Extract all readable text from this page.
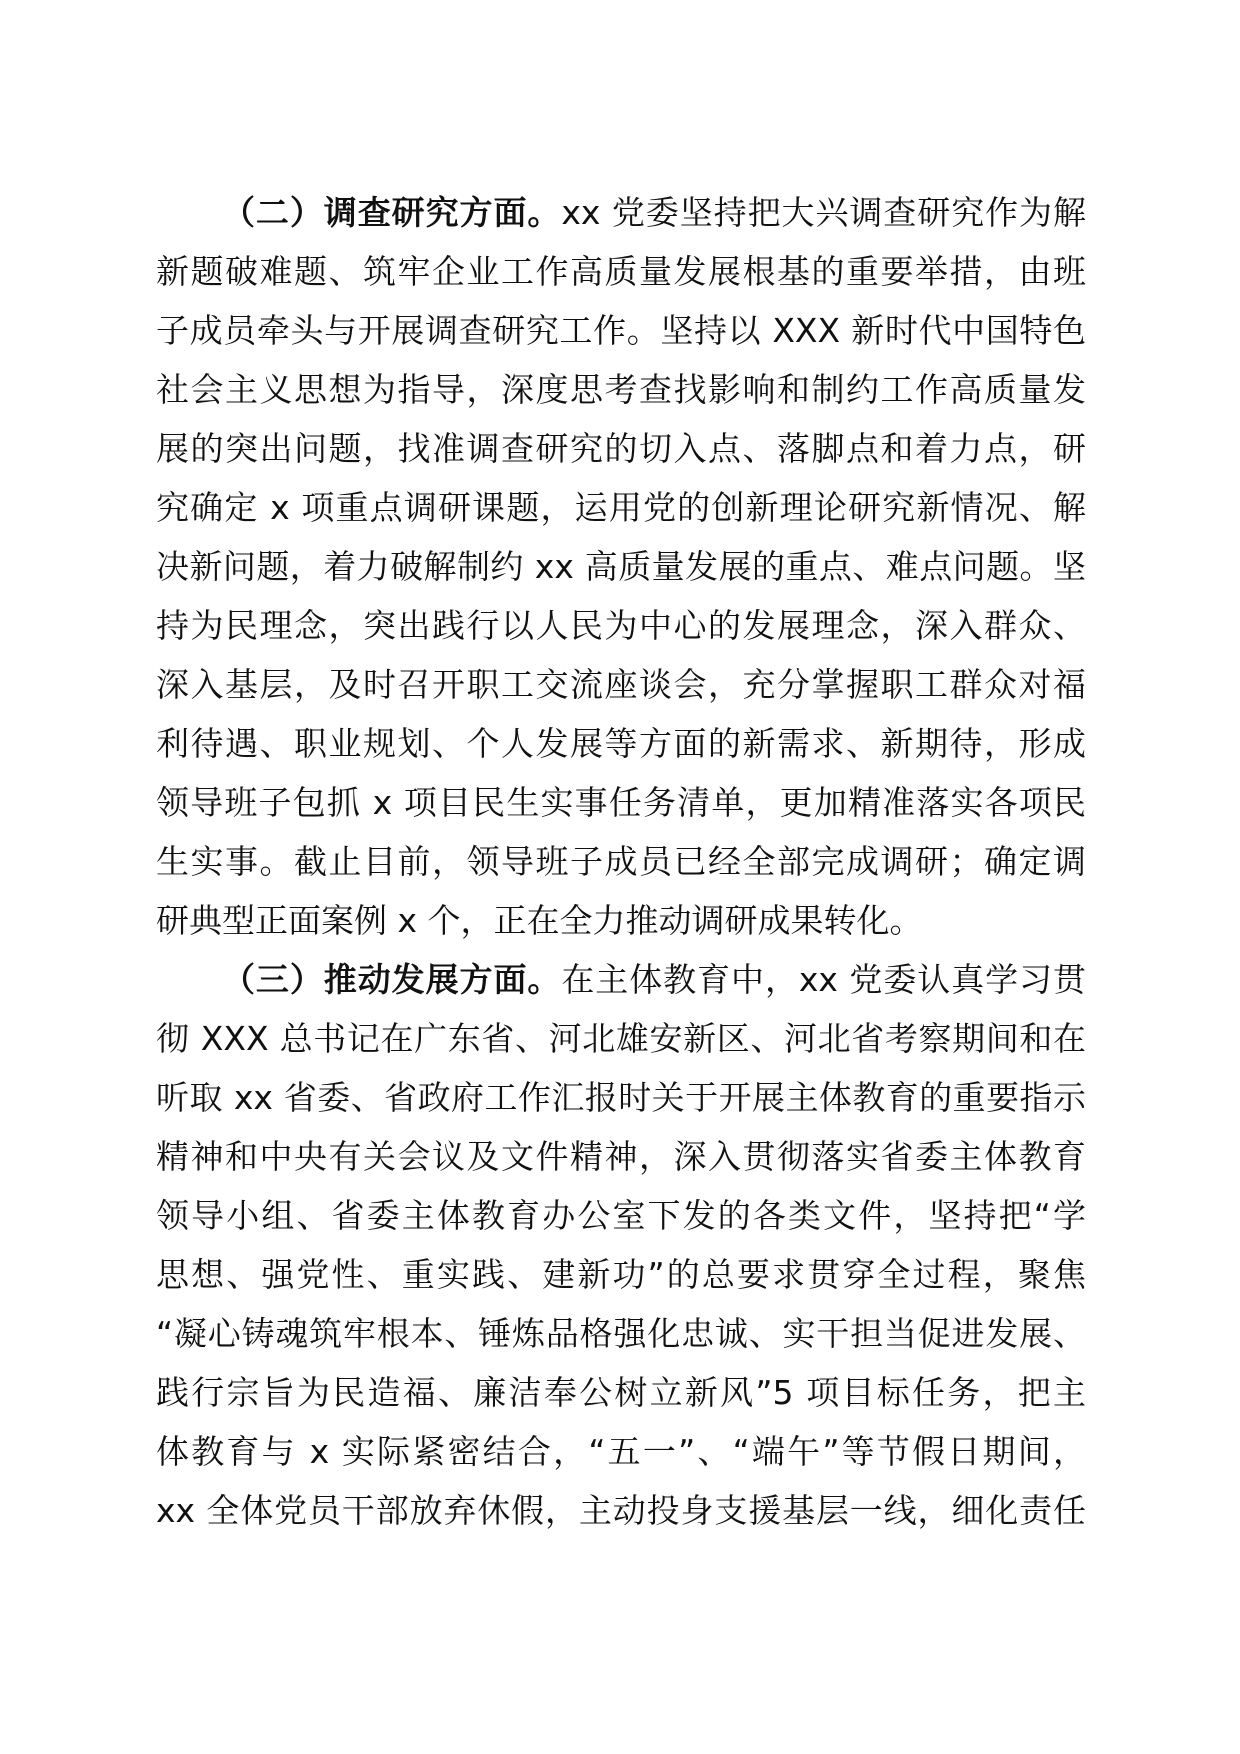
（二）调查研究方面。xx 党委坚持把大兴调查研究作为解
新题破难题、筑牢企业工作高质量发展根基的重要举措，由班
子成员牵头与开展调查研究工作。坚持以 XXX 新时代中国特色
社会主义思想为指导，深度思考查找影响和制约工作高质量发
展的突出问题，找准调查研究的切入点、落脚点和着力点，研
究确定 x 项重点调研课题，运用党的创新理论研究新情况、解
决新问题，着力破解制约 xx 高质量发展的重点、难点问题。坚
持为民理念，突出践行以人民为中心的发展理念，深入群众、
深入基层，及时召开职工交流座谈会，充分掌握职工群众对福
利待遇、职业规划、个人发展等方面的新需求、新期待，形成
领导班子包抓 x 项目民生实事任务清单，更加精准落实各项民
生实事。截止目前，领导班子成员已经全部完成调研；确定调
研典型正面案例 x 个，正在全力推动调研成果转化。
（三）推动发展方面。在主体教育中，xx 党委认真学习贯
彻 XXX 总书记在广东省、河北雄安新区、河北省考察期间和在
听取 xx 省委、省政府工作汇报时关于开展主体教育的重要指示
精神和中央有关会议及文件精神，深入贯彻落实省委主体教育
领导小组、省委主体教育办公室下发的各类文件，坚持把“学
思想、强党性、重实践、建新功”的总要求贯穿全过程，聚焦
“凝心铸魂筑牢根本、锤炼品格强化忠诚、实干担当促进发展、
践行宗旨为民造福、廉洁奉公树立新风”5 项目标任务，把主
体教育与 x 实际紧密结合，“五一”、“端午”等节假日期间，
xx 全体党员干部放弃休假，主动投身支援基层一线，细化责任
